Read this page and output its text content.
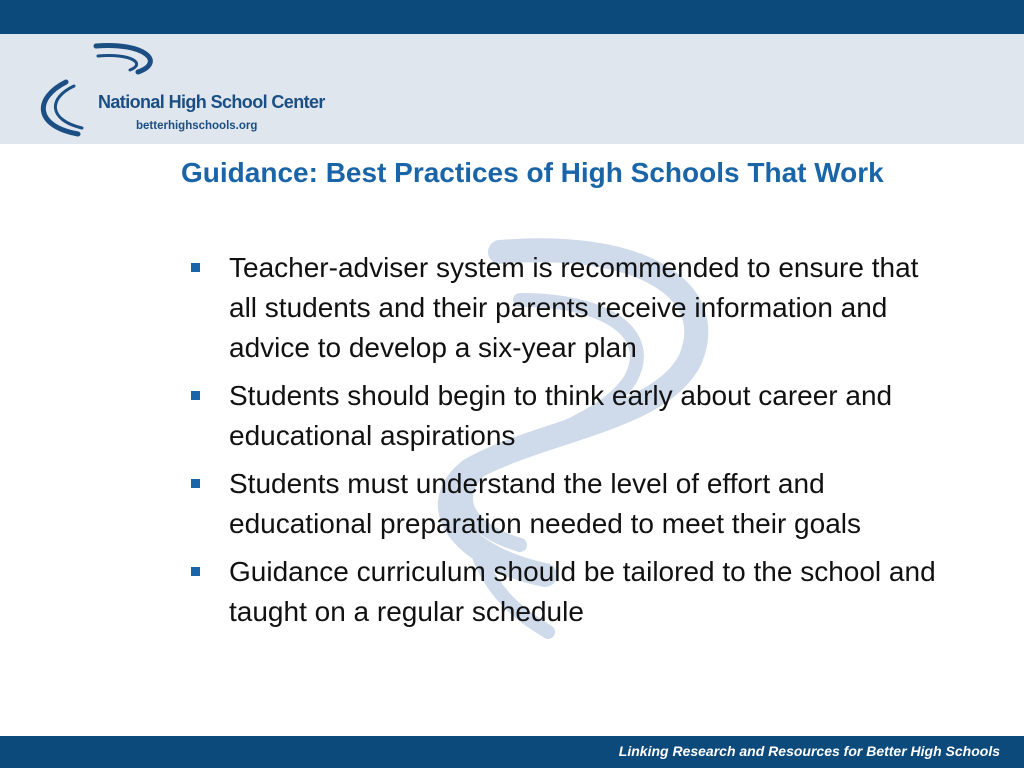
National High School Center
betterhighschools.org
Guidance: Best Practices of High Schools That Work
Teacher-adviser system is recommended to ensure that all students and their parents receive information and advice to develop a six-year plan
Students should begin to think early about career and educational aspirations
Students must understand the level of effort and educational preparation needed to meet their goals
Guidance curriculum should be tailored to the school and taught on a regular schedule
Linking Research and Resources for Better High Schools
